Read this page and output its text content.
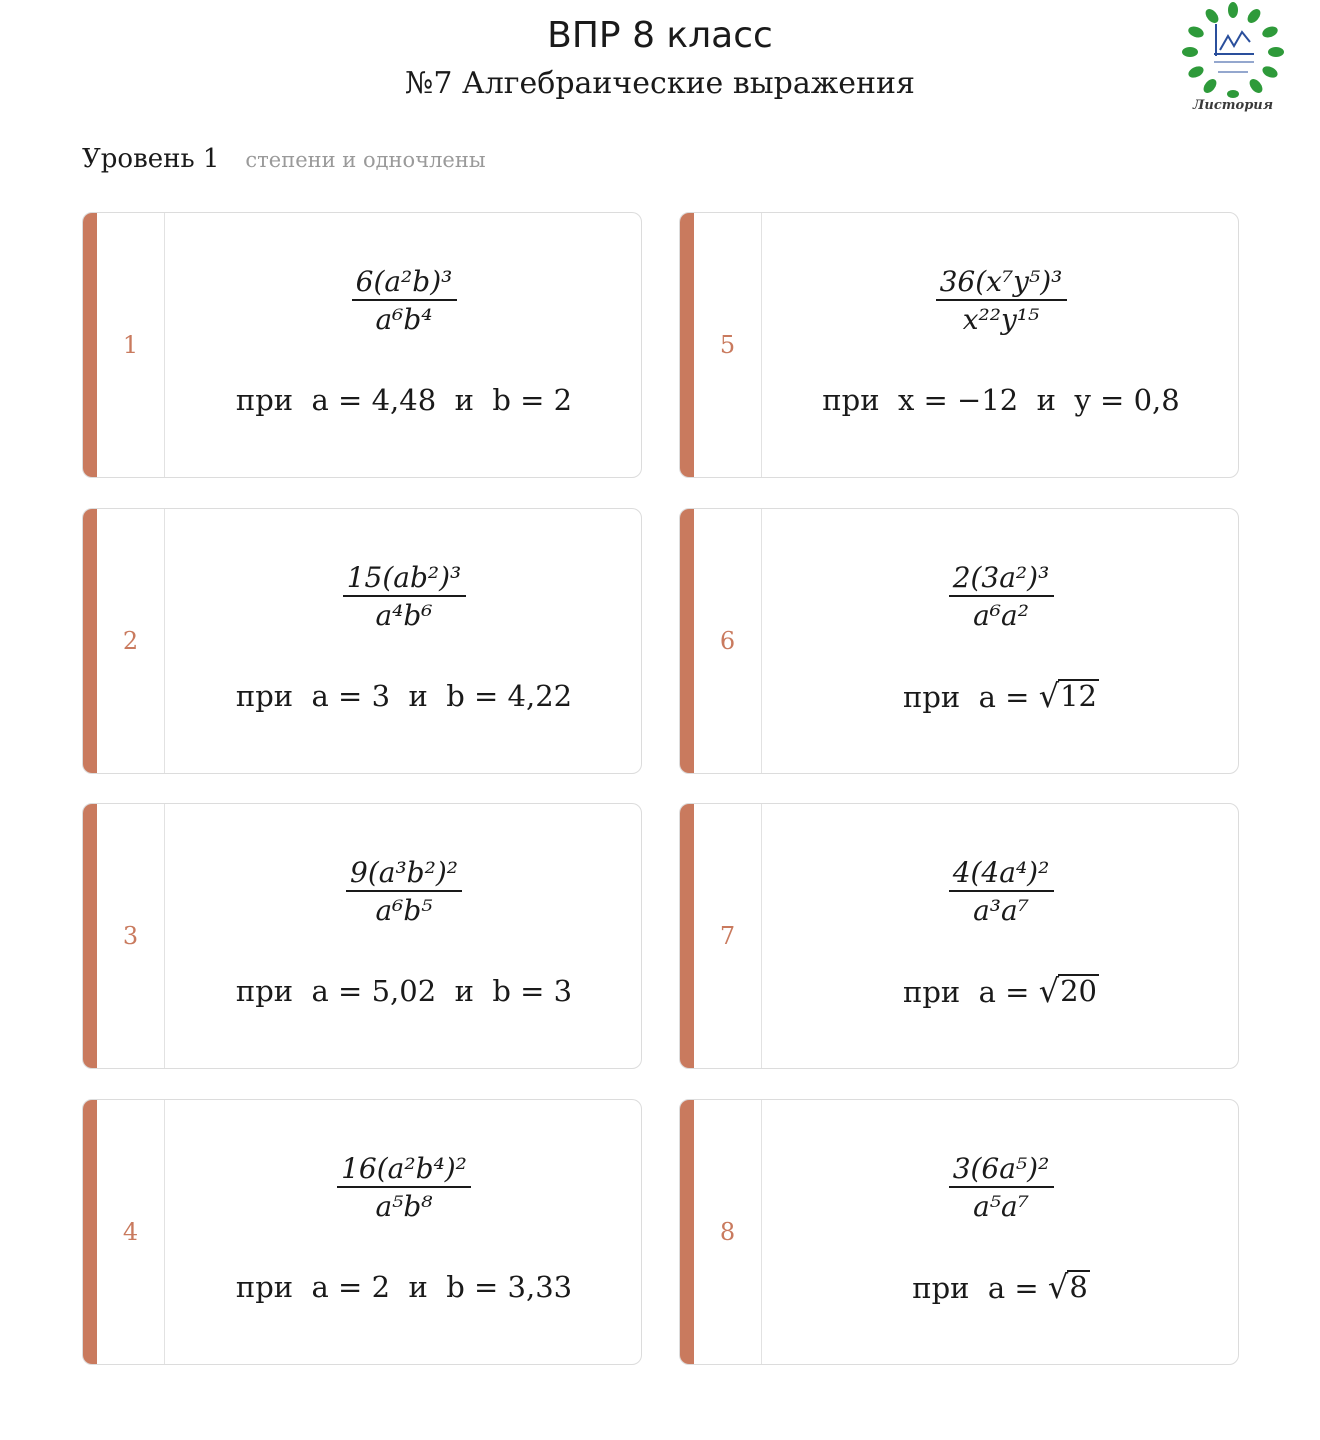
ВПР 8 класс
№7 Алгебраические выражения
Листория
Уровень 1 степени и одночлены
1
6(a²b)³
a⁶b⁴
при  a = 4,48  и  b = 2
2
15(ab²)³
a⁴b⁶
при  a = 3  и  b = 4,22
3
9(a³b²)²
a⁶b⁵
при  a = 5,02  и  b = 3
4
16(a²b⁴)²
a⁵b⁸
при  a = 2  и  b = 3,33
5
36(x⁷y⁵)³
x²²y¹⁵
при  x = −12  и  y = 0,8
6
2(3a²)³
a⁶a²
при  a = √ 12
7
4(4a⁴)²
a³a⁷
при  a = √ 20
8
3(6a⁵)²
a⁵a⁷
при  a = √ 8
